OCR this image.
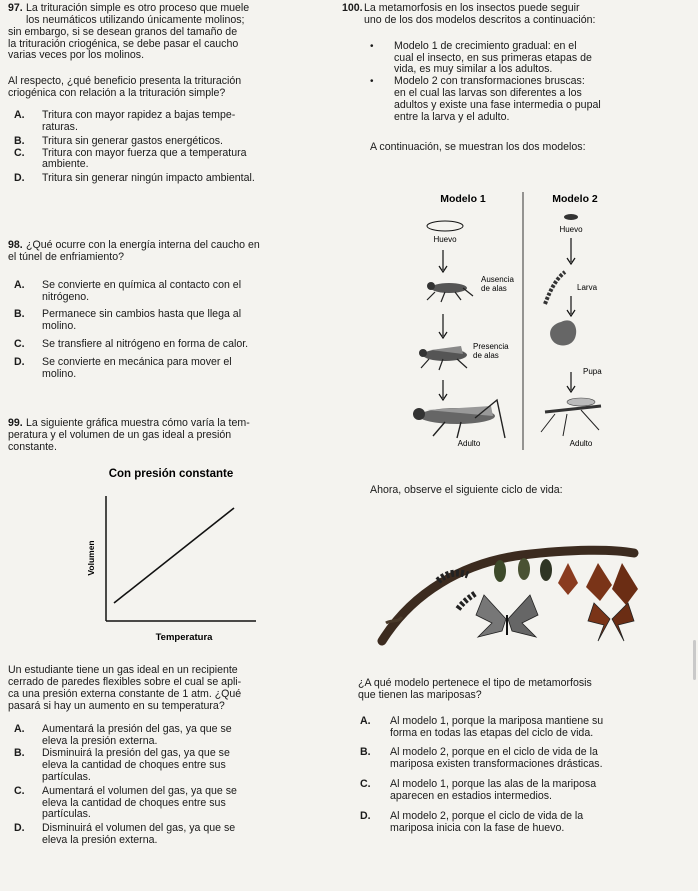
97. La trituración simple es otro proceso que muele

los neumáticos utilizando únicamente molinos;

sin embargo, si se desean granos del tamaño de

la trituración criogénica, se debe pasar el caucho

varias veces por los molinos.

Al respecto, ¿qué beneficio presenta la trituración

criogénica con relación a la trituración simple?

A. Tritura con mayor rapidez a bajas tempe-

raturas.

B. Tritura sin generar gastos energéticos.

C. Tritura con mayor fuerza que a temperatura

ambiente.

D. Tritura sin generar ningún impacto ambiental.

98. ¿Qué ocurre con la energía interna del caucho en

el túnel de enfriamiento?

A. Se convierte en química al contacto con el

nitrógeno.

B. Permanece sin cambios hasta que llega al

molino.

C. Se transfiere al nitrógeno en forma de calor.

D. Se convierte en mecánica para mover el

molino.

99. La siguiente gráfica muestra cómo varía la tem-

peratura y el volumen de un gas ideal a presión

constante.

Con presión constante
Volumen
Temperatura

Un estudiante tiene un gas ideal en un recipiente

cerrado de paredes flexibles sobre el cual se apli-

ca una presión externa constante de 1 atm. ¿Qué

pasará si hay un aumento en su temperatura?

A. Aumentará la presión del gas, ya que se

eleva la presión externa.

B. Disminuirá la presión del gas, ya que se

eleva la cantidad de choques entre sus

partículas.

C. Aumentará el volumen del gas, ya que se

eleva la cantidad de choques entre sus

partículas.

D. Disminuirá el volumen del gas, ya que se

eleva la presión externa.

100. La metamorfosis en los insectos puede seguir

uno de los dos modelos descritos a continuación:

• Modelo 1 de crecimiento gradual: en el

cual el insecto, en sus primeras etapas de

vida, es muy similar a los adultos.

• Modelo 2 con transformaciones bruscas:

en el cual las larvas son diferentes a los

adultos y existe una fase intermedia o pupal

entre la larva y el adulto.

A continuación, se muestran los dos modelos:

Modelo 1	Modelo 2
Huevo
Ausencia
de alas
Presencia
de alas
Adulto
Huevo
Larva
Pupa
Adulto

Ahora, observe el siguiente ciclo de vida:

¿A qué modelo pertenece el tipo de metamorfosis

que tienen las mariposas?

A. Al modelo 1, porque la mariposa mantiene su

forma en todas las etapas del ciclo de vida.

B. Al modelo 2, porque en el ciclo de vida de la

mariposa existen transformaciones drásticas.

C. Al modelo 1, porque las alas de la mariposa

aparecen en estadios intermedios.

D. Al modelo 2, porque el ciclo de vida de la

mariposa inicia con la fase de huevo.
